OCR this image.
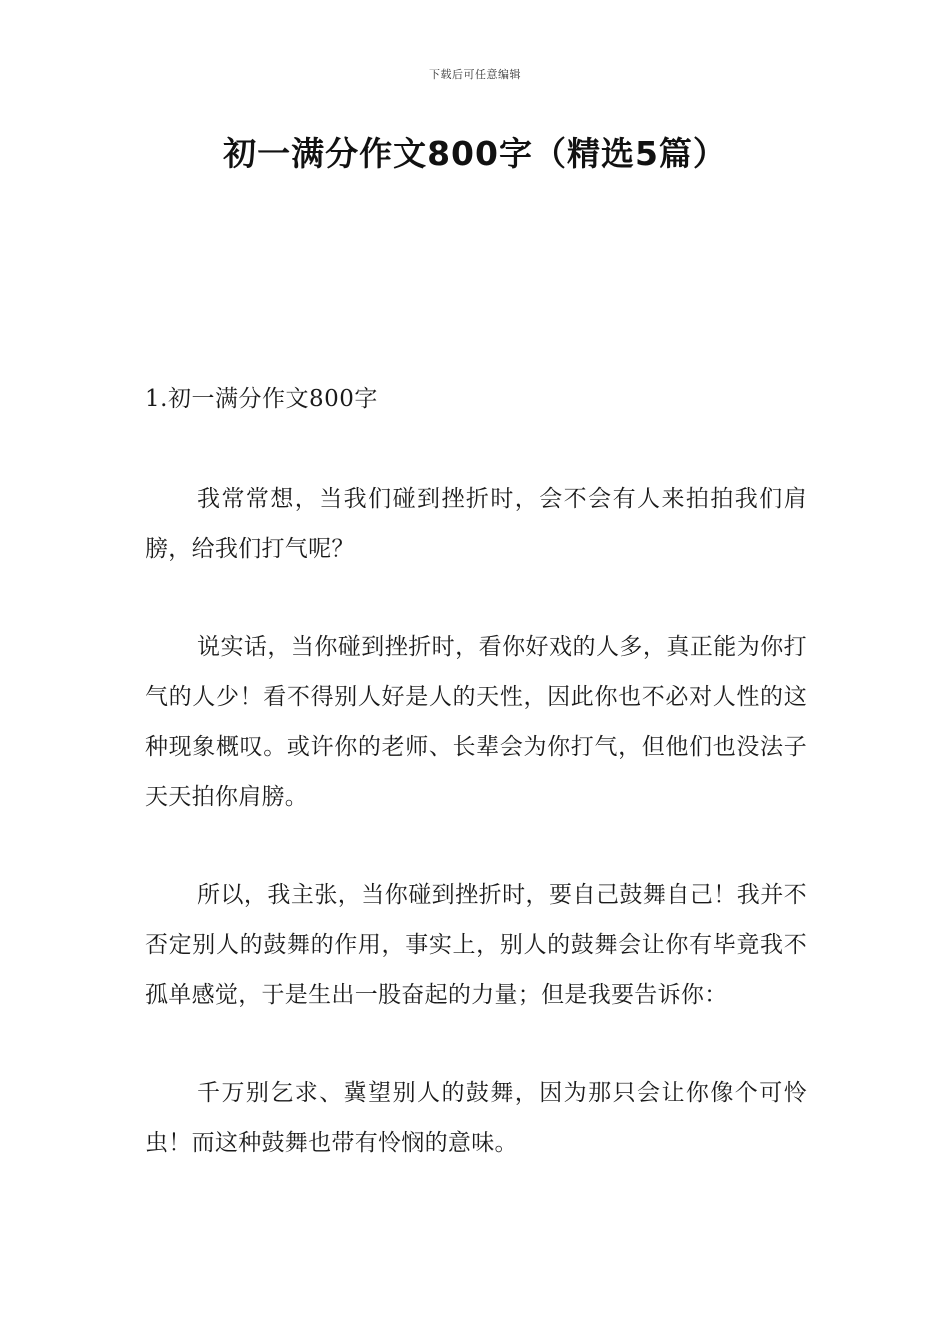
下载后可任意编辑
初一满分作文800字（精选5篇）

1.初一满分作文800字

我常常想，当我们碰到挫折时，会不会有人来拍拍我们肩膀，给我们打气呢？

说实话，当你碰到挫折时，看你好戏的人多，真正能为你打气的人少！看不得别人好是人的天性，因此你也不必对人性的这种现象概叹。或许你的老师、长辈会为你打气，但他们也没法子天天拍你肩膀。

所以，我主张，当你碰到挫折时，要自己鼓舞自己！我并不否定别人的鼓舞的作用，事实上，别人的鼓舞会让你有毕竟我不孤单感觉，于是生出一股奋起的力量；但是我要告诉你：

千万别乞求、冀望别人的鼓舞，因为那只会让你像个可怜虫！而这种鼓舞也带有怜悯的意味。
